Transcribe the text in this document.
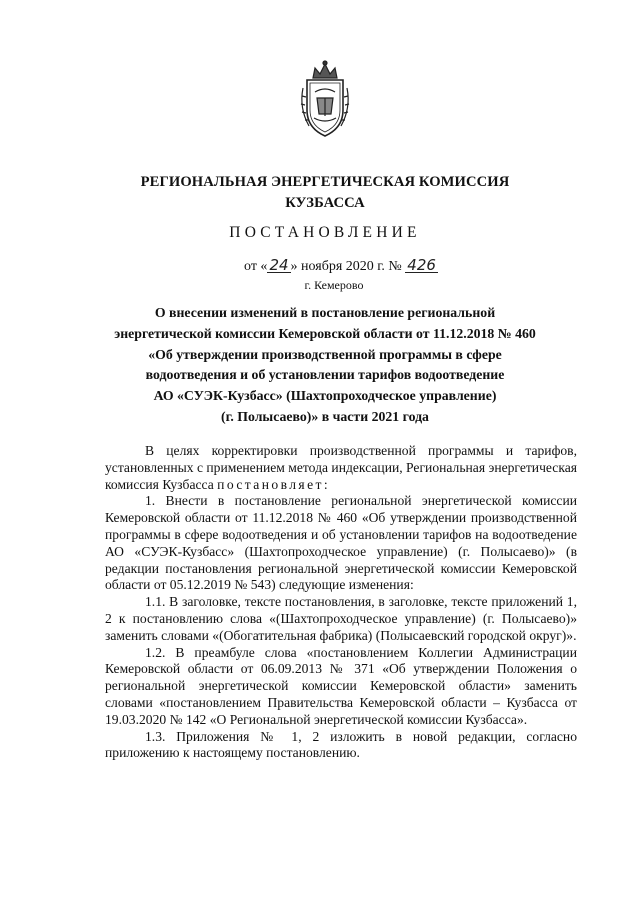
РЕГИОНАЛЬНАЯ ЭНЕРГЕТИЧЕСКАЯ КОМИССИЯ
КУЗБАССА
ПОСТАНОВЛЕНИЕ
от « 24 » ноября 2020 г. № 426
г. Кемерово
О внесении изменений в постановление региональной
энергетической комиссии Кемеровской области от 11.12.2018 № 460
«Об утверждении производственной программы в сфере
водоотведения и об установлении тарифов водоотведение
АО «СУЭК-Кузбасс» (Шахтопроходческое управление)
(г. Полысаево)» в части 2021 года

В целях корректировки производственной программы и тарифов, установленных с применением метода индексации, Региональная энергетическая комиссия Кузбасса постановляет:

1. Внести в постановление региональной энергетической комиссии Кемеровской области от 11.12.2018 № 460 «Об утверждении производственной программы в сфере водоотведения и об установлении тарифов на водоотведение АО «СУЭК-Кузбасс» (Шахтопроходческое управление) (г. Полысаево)» (в редакции постановления региональной энергетической комиссии Кемеровской области от 05.12.2019 № 543) следующие изменения:

1.1. В заголовке, тексте постановления, в заголовке, тексте приложений 1, 2 к постановлению слова «(Шахтопроходческое управление) (г. Полысаево)» заменить словами «(Обогатительная фабрика) (Полысаевский городской округ)».

1.2. В преамбуле слова «постановлением Коллегии Администрации Кемеровской области от 06.09.2013 № 371 «Об утверждении Положения о региональной энергетической комиссии Кемеровской области» заменить словами «постановлением Правительства Кемеровской области – Кузбасса от 19.03.2020 № 142 «О Региональной энергетической комиссии Кузбасса».

1.3. Приложения № 1, 2 изложить в новой редакции, согласно приложению к настоящему постановлению.
